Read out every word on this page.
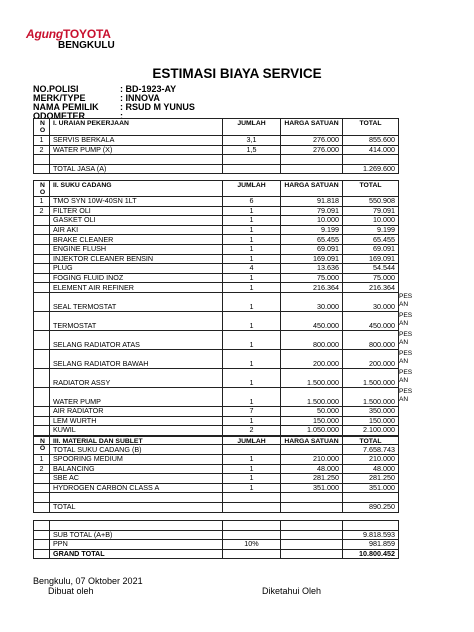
AgungTOYOTA
BENGKULU
ESTIMASI BIAYA SERVICE
NO.POLISI	: BD-1923-AY
MERK/TYPE	: INNOVA
NAMA PEMILIK : RSUD M YUNUS
ODOMETER	:
N O	I. URAIAN PEKERJAAN	JUMLAH	HARGA SATUAN	TOTAL
1	SERVIS BERKALA	3,1	276.000	855.600
2	WATER PUMP (X)	1,5	276.000	414.000

	TOTAL JASA (A)			1.269.600
N O	II. SUKU CADANG	JUMLAH	HARGA SATUAN	TOTAL
1	TMO SYN 10W-40SN 1LT	6	91.818	550.908
2	FILTER OLI	1	79.091	79.091
	GASKET OLI	1	10.000	10.000
	AIR AKI	1	9.199	9.199
	BRAKE CLEANER	1	65.455	65.455
	ENGINE FLUSH	1	69.091	69.091
	INJEKTOR CLEANER BENSIN	1	169.091	169.091
	PLUG	4	13.636	54.544
	FOGING FLUID INOZ	1	75.000	75.000
	ELEMENT AIR REFINER	1	216.364	216.364
	SEAL TERMOSTAT	1	30.000	30.000
	TERMOSTAT	1	450.000	450.000
	SELANG RADIATOR ATAS	1	800.000	800.000
	SELANG RADIATOR BAWAH	1	200.000	200.000
	RADIATOR ASSY	1	1.500.000	1.500.000
	WATER PUMP	1	1.500.000	1.500.000
	AIR RADIATOR	7	50.000	350.000
	LEM WURTH	1	150.000	150.000
	KUWIL	2	1.050.000	2.100.000

	TOTAL SUKU CADANG (B)			7.658.743
N O	III. MATERIAL DAN SUBLET	JUMLAH	HARGA SATUAN	TOTAL
1	SPOORING MEDIUM	1	210.000	210.000
2	BALANCING	1	48.000	48.000
	SBE AC	1	281.250	281.250
	HYDROGEN CARBON CLASS A	1	351.000	351.000

	TOTAL			890.250

	SUB TOTAL (A+B)			9.818.593
	PPN	10%		981.859
	GRAND TOTAL			10.800.452
PESAN
PESAN
PESAN
PESAN
PESAN
PESAN
Bengkulu, 07 Oktober 2021
Dibuat oleh	Diketahui Oleh
